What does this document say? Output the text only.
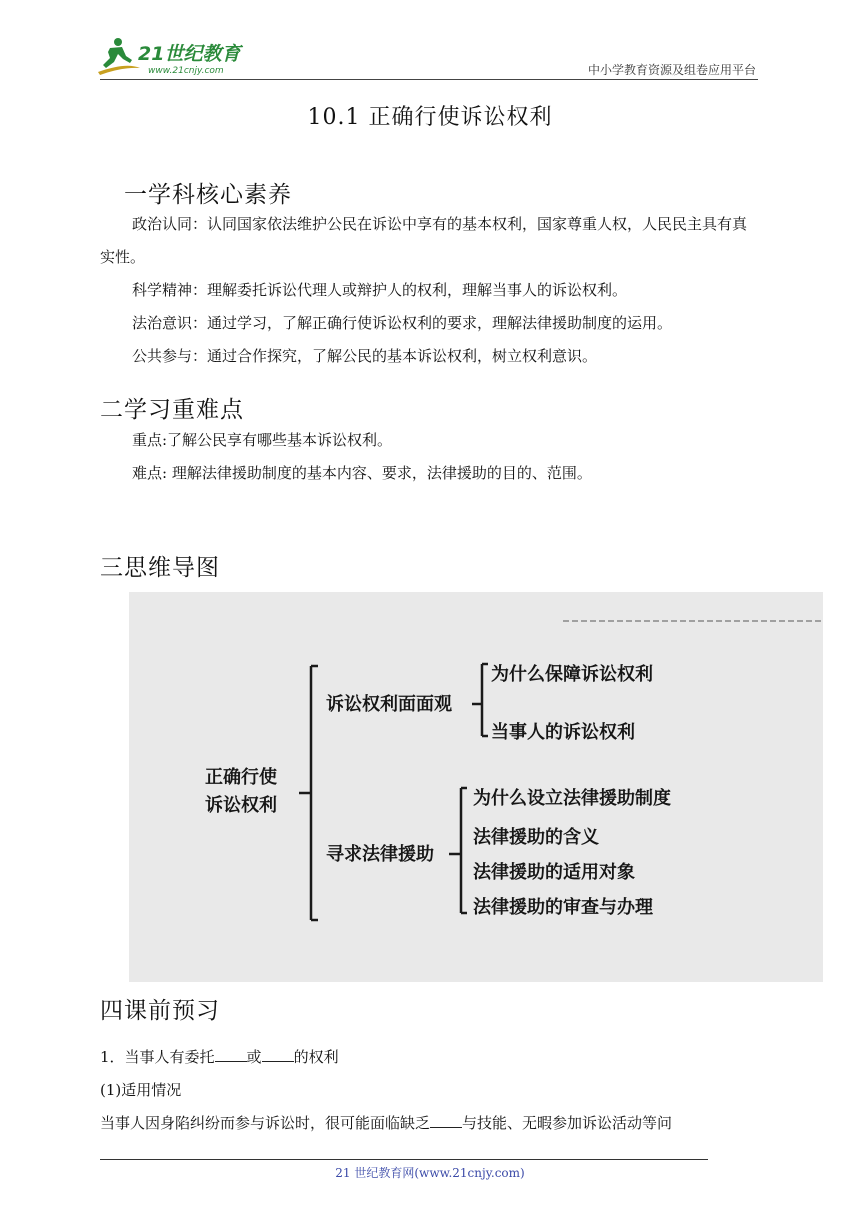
21世纪教育
www.21cnjy.com	中小学教育资源及组卷应用平台
10.1 正确行使诉讼权利
一学科核心素养
政治认同：认同国家依法维护公民在诉讼中享有的基本权利，国家尊重人权，人民民主具有真实性。
科学精神：理解委托诉讼代理人或辩护人的权利，理解当事人的诉讼权利。
法治意识：通过学习，了解正确行使诉讼权利的要求，理解法律援助制度的运用。
公共参与：通过合作探究，了解公民的基本诉讼权利，树立权利意识。
二学习重难点
重点:了解公民享有哪些基本诉讼权利。
难点: 理解法律援助制度的基本内容、要求，法律援助的目的、范围。
三思维导图
正确行使
诉讼权利
诉讼权利面面观
为什么保障诉讼权利
当事人的诉讼权利
寻求法律援助
为什么设立法律援助制度
法律援助的含义
法律援助的适用对象
法律援助的审查与办理
四课前预习
1．当事人有委托 或 的权利
(1)适用情况
当事人因身陷纠纷而参与诉讼时，很可能面临缺乏 与技能、无暇参加诉讼活动等问
21 世纪教育网(www.21cnjy.com)
